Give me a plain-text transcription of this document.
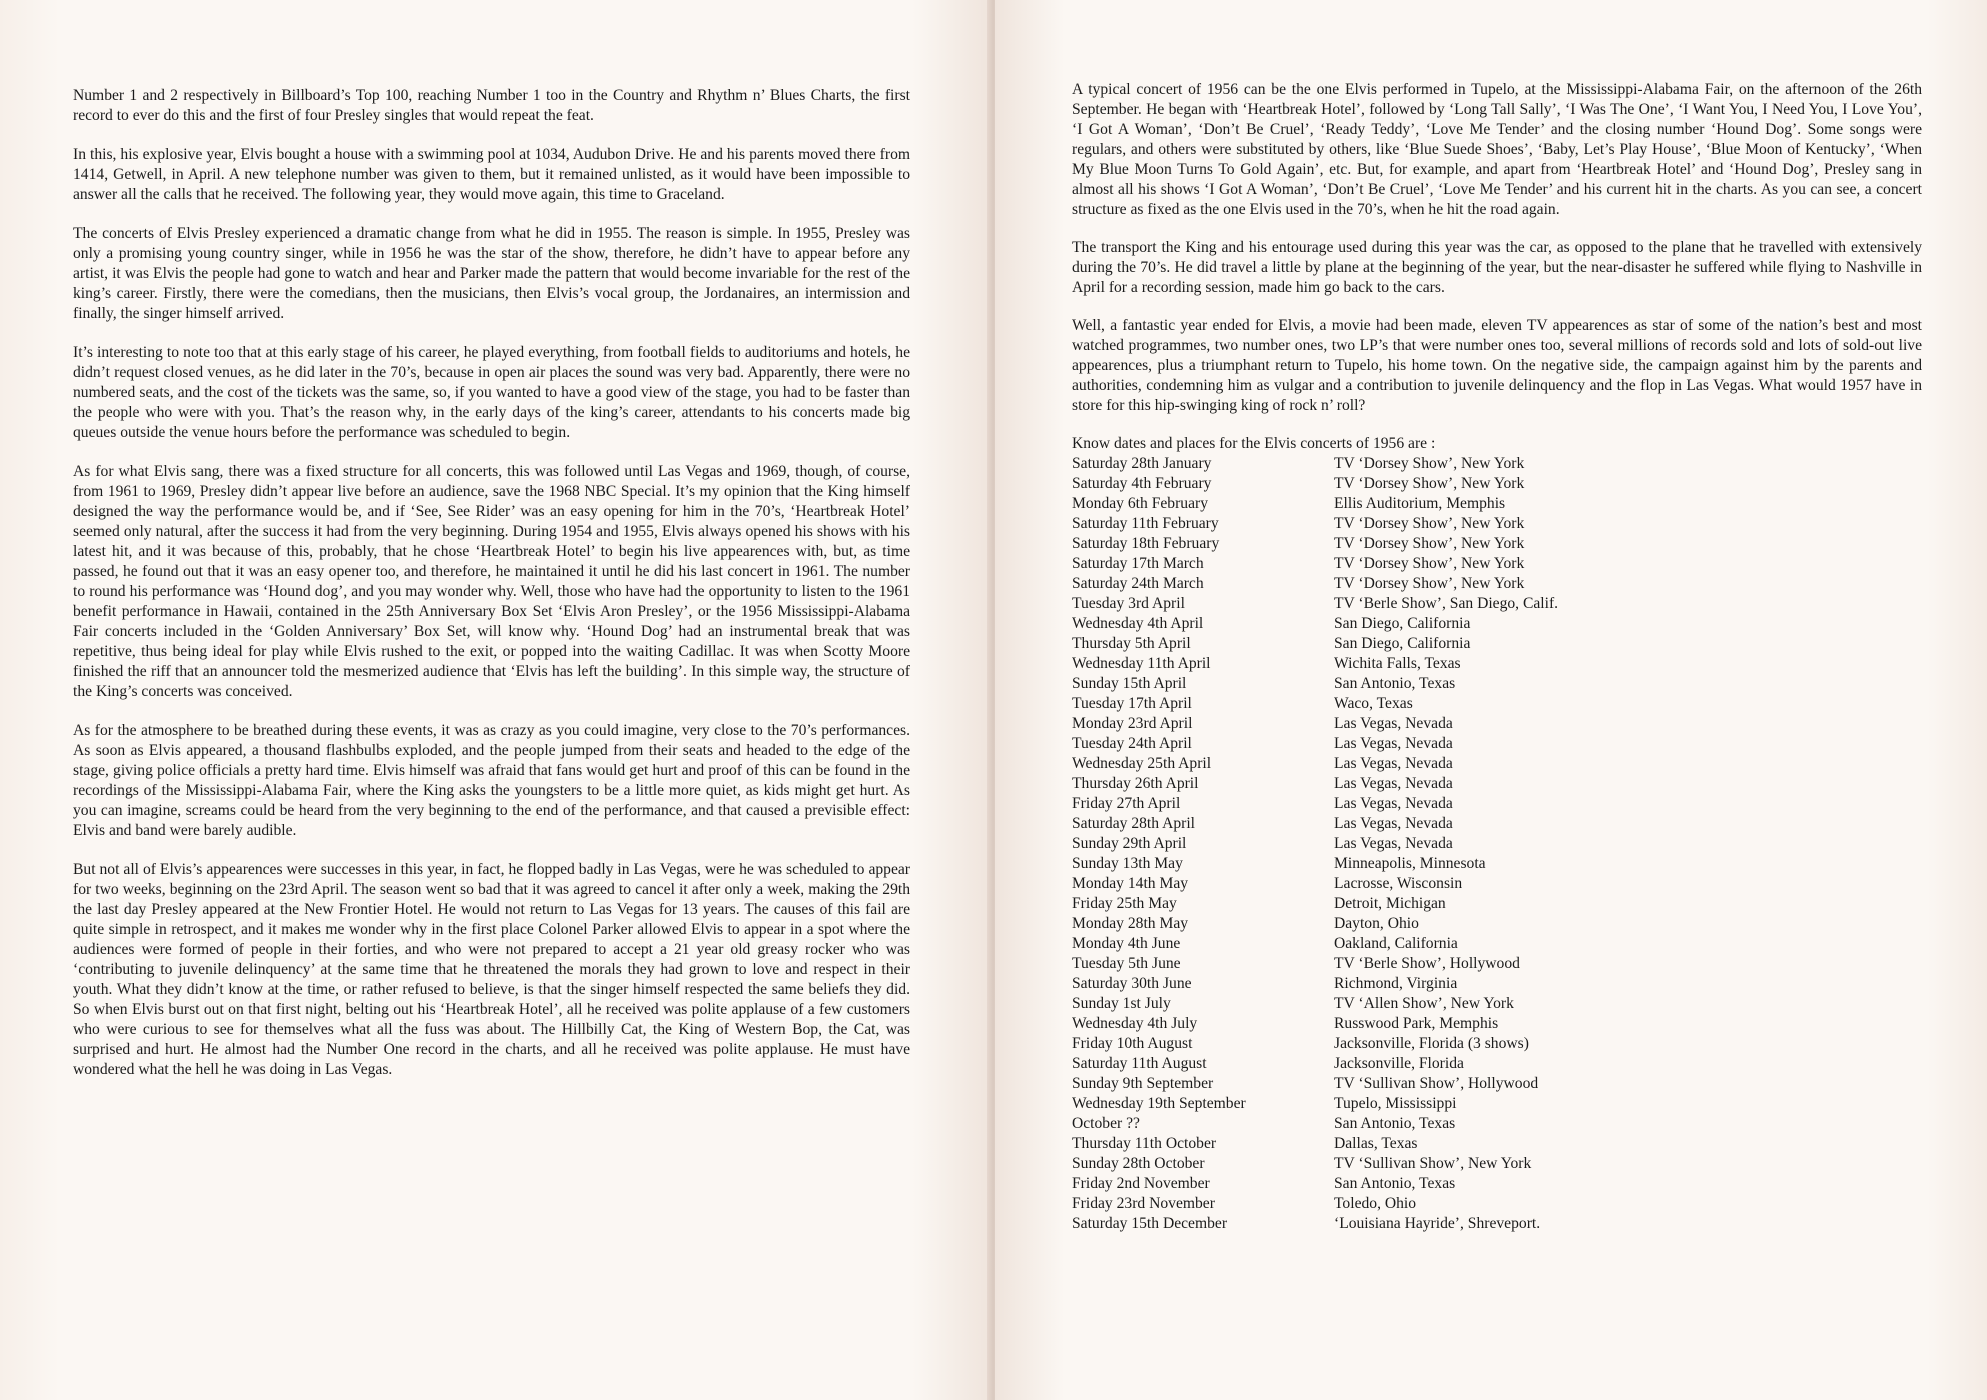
Number 1 and 2 respectively in Billboard’s Top 100, reaching Number 1 too in the Country and Rhythm n’ Blues Charts, the first record to ever do this and the first of four Presley singles that would repeat the feat.

In this, his explosive year, Elvis bought a house with a swimming pool at 1034, Audubon Drive. He and his parents moved there from 1414, Getwell, in April. A new telephone number was given to them, but it remained unlisted, as it would have been impossible to answer all the calls that he received. The following year, they would move again, this time to Graceland.

The concerts of Elvis Presley experienced a dramatic change from what he did in 1955. The reason is simple. In 1955, Presley was only a promising young country singer, while in 1956 he was the star of the show, therefore, he didn’t have to appear before any artist, it was Elvis the people had gone to watch and hear and Parker made the pattern that would become invariable for the rest of the king’s career. Firstly, there were the comedians, then the musicians, then Elvis’s vocal group, the Jordanaires, an intermission and finally, the singer himself arrived.

It’s interesting to note too that at this early stage of his career, he played everything, from football fields to auditoriums and hotels, he didn’t request closed venues, as he did later in the 70’s, because in open air places the sound was very bad. Apparently, there were no numbered seats, and the cost of the tickets was the same, so, if you wanted to have a good view of the stage, you had to be faster than the people who were with you. That’s the reason why, in the early days of the king’s career, attendants to his concerts made big queues outside the venue hours before the performance was scheduled to begin.

As for what Elvis sang, there was a fixed structure for all concerts, this was followed until Las Vegas and 1969, though, of course, from 1961 to 1969, Presley didn’t appear live before an audience, save the 1968 NBC Special. It’s my opinion that the King himself designed the way the performance would be, and if ‘See, See Rider’ was an easy opening for him in the 70’s, ‘Heartbreak Hotel’ seemed only natural, after the success it had from the very beginning. During 1954 and 1955, Elvis always opened his shows with his latest hit, and it was because of this, probably, that he chose ‘Heartbreak Hotel’ to begin his live appearences with, but, as time passed, he found out that it was an easy opener too, and therefore, he maintained it until he did his last concert in 1961. The number to round his performance was ‘Hound dog’, and you may wonder why. Well, those who have had the opportunity to listen to the 1961 benefit performance in Hawaii, contained in the 25th Anniversary Box Set ‘Elvis Aron Presley’, or the 1956 Mississippi-Alabama Fair concerts included in the ‘Golden Anniversary’ Box Set, will know why. ‘Hound Dog’ had an instrumental break that was repetitive, thus being ideal for play while Elvis rushed to the exit, or popped into the waiting Cadillac. It was when Scotty Moore finished the riff that an announcer told the mesmerized audience that ‘Elvis has left the building’. In this simple way, the structure of the King’s concerts was conceived.

As for the atmosphere to be breathed during these events, it was as crazy as you could imagine, very close to the 70’s performances. As soon as Elvis appeared, a thousand flashbulbs exploded, and the people jumped from their seats and headed to the edge of the stage, giving police officials a pretty hard time. Elvis himself was afraid that fans would get hurt and proof of this can be found in the recordings of the Mississippi-Alabama Fair, where the King asks the youngsters to be a little more quiet, as kids might get hurt. As you can imagine, screams could be heard from the very beginning to the end of the performance, and that caused a previsible effect: Elvis and band were barely audible.

But not all of Elvis’s appearences were successes in this year, in fact, he flopped badly in Las Vegas, were he was scheduled to appear for two weeks, beginning on the 23rd April. The season went so bad that it was agreed to cancel it after only a week, making the 29th the last day Presley appeared at the New Frontier Hotel. He would not return to Las Vegas for 13 years. The causes of this fail are quite simple in retrospect, and it makes me wonder why in the first place Colonel Parker allowed Elvis to appear in a spot where the audiences were formed of people in their forties, and who were not prepared to accept a 21 year old greasy rocker who was ‘contributing to juvenile delinquency’ at the same time that he threatened the morals they had grown to love and respect in their youth. What they didn’t know at the time, or rather refused to believe, is that the singer himself respected the same beliefs they did. So when Elvis burst out on that first night, belting out his ‘Heartbreak Hotel’, all he received was polite applause of a few customers who were curious to see for themselves what all the fuss was about. The Hillbilly Cat, the King of Western Bop, the Cat, was surprised and hurt. He almost had the Number One record in the charts, and all he received was polite applause. He must have wondered what the hell he was doing in Las Vegas.

A typical concert of 1956 can be the one Elvis performed in Tupelo, at the Mississippi-Alabama Fair, on the afternoon of the 26th September. He began with ‘Heartbreak Hotel’, followed by ‘Long Tall Sally’, ‘I Was The One’, ‘I Want You, I Need You, I Love You’, ‘I Got A Woman’, ‘Don’t Be Cruel’, ‘Ready Teddy’, ‘Love Me Tender’ and the closing number ‘Hound Dog’. Some songs were regulars, and others were substituted by others, like ‘Blue Suede Shoes’, ‘Baby, Let’s Play House’, ‘Blue Moon of Kentucky’, ‘When My Blue Moon Turns To Gold Again’, etc. But, for example, and apart from ‘Heartbreak Hotel’ and ‘Hound Dog’, Presley sang in almost all his shows ‘I Got A Woman’, ‘Don’t Be Cruel’, ‘Love Me Tender’ and his current hit in the charts. As you can see, a concert structure as fixed as the one Elvis used in the 70’s, when he hit the road again.

The transport the King and his entourage used during this year was the car, as opposed to the plane that he travelled with extensively during the 70’s. He did travel a little by plane at the beginning of the year, but the near-disaster he suffered while flying to Nashville in April for a recording session, made him go back to the cars.

Well, a fantastic year ended for Elvis, a movie had been made, eleven TV appearences as star of some of the nation’s best and most watched programmes, two number ones, two LP’s that were number ones too, several millions of records sold and lots of sold-out live appearences, plus a triumphant return to Tupelo, his home town. On the negative side, the campaign against him by the parents and authorities, condemning him as vulgar and a contribution to juvenile delinquency and the flop in Las Vegas. What would 1957 have in store for this hip-swinging king of rock n’ roll?

Know dates and places for the Elvis concerts of 1956 are :
Saturday 28th January	TV ‘Dorsey Show’, New York
Saturday 4th February	TV ‘Dorsey Show’, New York
Monday 6th February	Ellis Auditorium, Memphis
Saturday 11th February	TV ‘Dorsey Show’, New York
Saturday 18th February	TV ‘Dorsey Show’, New York
Saturday 17th March	TV ‘Dorsey Show’, New York
Saturday 24th March	TV ‘Dorsey Show’, New York
Tuesday 3rd April	TV ‘Berle Show’, San Diego, Calif.
Wednesday 4th April	San Diego, California
Thursday 5th April	San Diego, California
Wednesday 11th April	Wichita Falls, Texas
Sunday 15th April	San Antonio, Texas
Tuesday 17th April	Waco, Texas
Monday 23rd April	Las Vegas, Nevada
Tuesday 24th April	Las Vegas, Nevada
Wednesday 25th April	Las Vegas, Nevada
Thursday 26th April	Las Vegas, Nevada
Friday 27th April	Las Vegas, Nevada
Saturday 28th April	Las Vegas, Nevada
Sunday 29th April	Las Vegas, Nevada
Sunday 13th May	Minneapolis, Minnesota
Monday 14th May	Lacrosse, Wisconsin
Friday 25th May	Detroit, Michigan
Monday 28th May	Dayton, Ohio
Monday 4th June	Oakland, California
Tuesday 5th June	TV ‘Berle Show’, Hollywood
Saturday 30th June	Richmond, Virginia
Sunday 1st July	TV ‘Allen Show’, New York
Wednesday 4th July	Russwood Park, Memphis
Friday 10th August	Jacksonville, Florida (3 shows)
Saturday 11th August	Jacksonville, Florida
Sunday 9th September	TV ‘Sullivan Show’, Hollywood
Wednesday 19th September	Tupelo, Mississippi
October ??	San Antonio, Texas
Thursday 11th October	Dallas, Texas
Sunday 28th October	TV ‘Sullivan Show’, New York
Friday 2nd November	San Antonio, Texas
Friday 23rd November	Toledo, Ohio
Saturday 15th December	‘Louisiana Hayride’, Shreveport.
